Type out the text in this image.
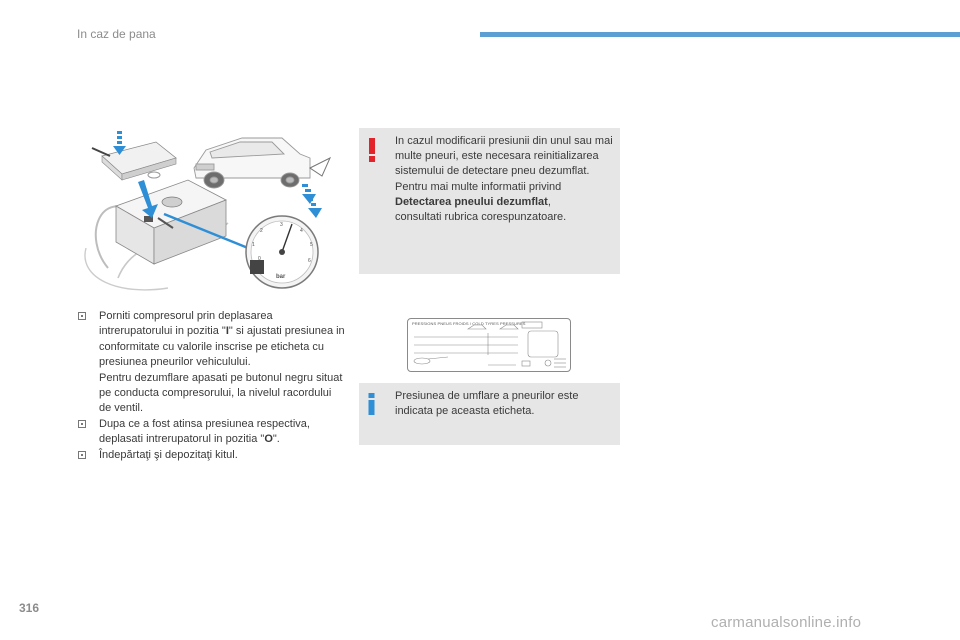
In caz de pana
0
1
2
3
4
5
6
bar
In cazul modificarii presiunii din unul sau mai multe pneuri, este necesara reinitializarea sistemului de detectare pneu dezumflat.
Pentru mai multe informatii privind
Detectarea pneului dezumflat,
consultati rubrica corespunzatoare.
Porniti compresorul prin deplasarea intrerupatorului in pozitia "I" si ajustati presiunea in conformitate cu valorile inscrise pe eticheta cu presiunea pneurilor vehiculului.
Pentru dezumflare apasati pe butonul negru situat pe conducta compresorului, la nivelul racordului de ventil.
Dupa ce a fost atinsa presiunea respectiva, deplasati intrerupatorul in pozitia "O".
Îndepărtaţi şi depozitaţi kitul.
PRESSIONS PNEUS FROIDS / COLD TYRES PRESSURES
Presiunea de umflare a pneurilor este indicata pe aceasta eticheta.
316
carmanualsonline.info
